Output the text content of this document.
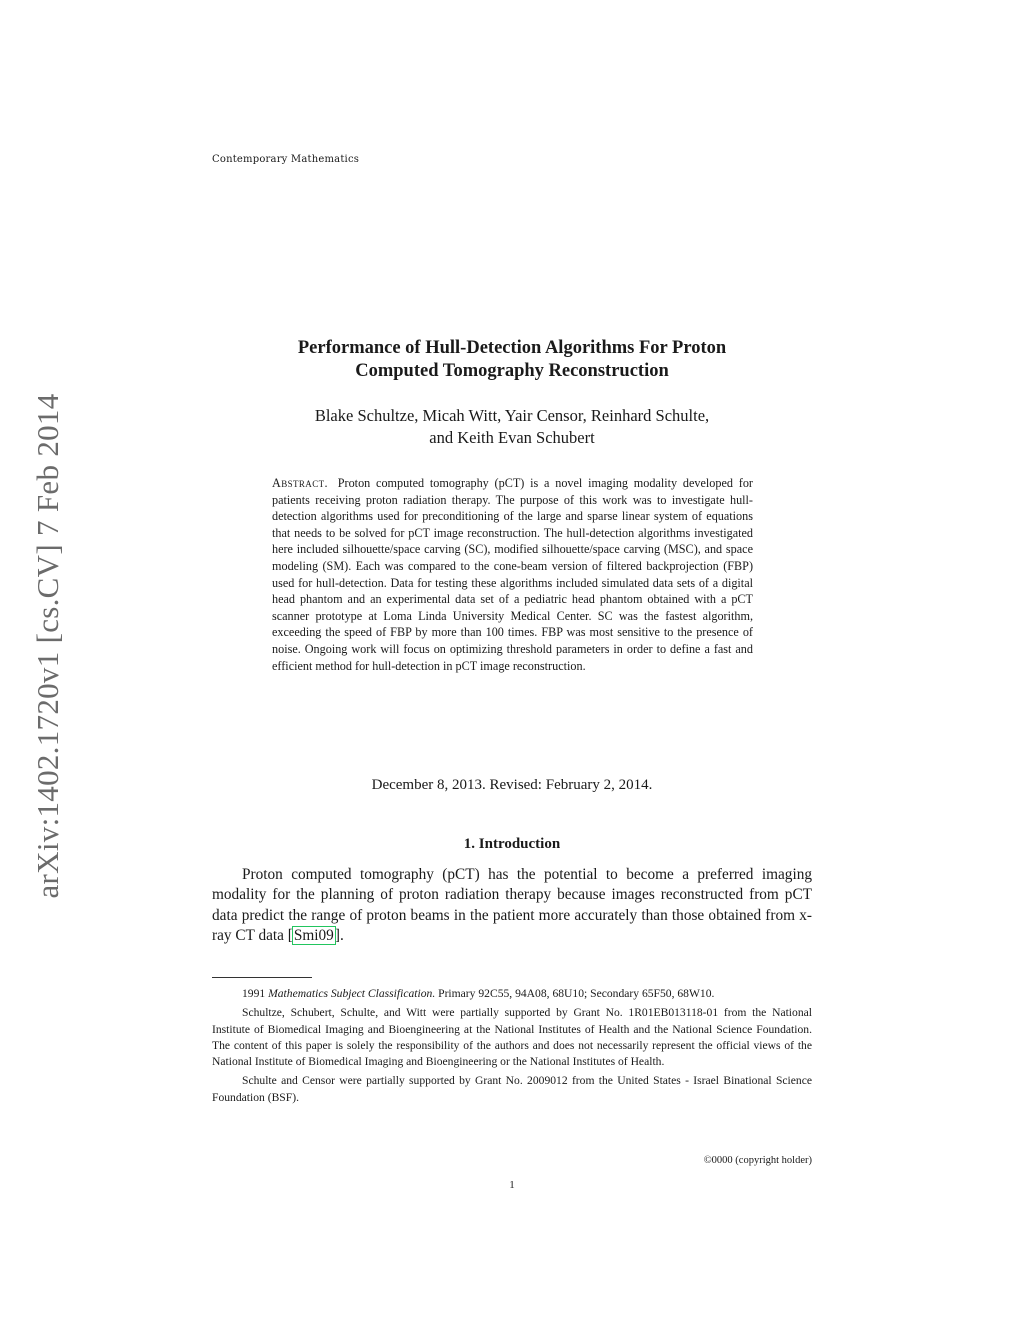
Contemporary Mathematics
arXiv:1402.1720v1 [cs.CV] 7 Feb 2014
Performance of Hull-Detection Algorithms For Proton
Computed Tomography Reconstruction
Blake Schultze, Micah Witt, Yair Censor, Reinhard Schulte,
and Keith Evan Schubert
Abstract. Proton computed tomography (pCT) is a novel imaging modality developed for patients receiving proton radiation therapy. The purpose of this work was to investigate hull-detection algorithms used for preconditioning of the large and sparse linear system of equations that needs to be solved for pCT image reconstruction. The hull-detection algorithms investigated here included silhouette/space carving (SC), modified silhouette/space carving (MSC), and space modeling (SM). Each was compared to the cone-beam version of filtered backprojection (FBP) used for hull-detection. Data for testing these algorithms included simulated data sets of a digital head phantom and an experimental data set of a pediatric head phantom obtained with a pCT scanner prototype at Loma Linda University Medical Center. SC was the fastest algorithm, exceeding the speed of FBP by more than 100 times. FBP was most sensitive to the presence of noise. Ongoing work will focus on optimizing threshold parameters in order to define a fast and efficient method for hull-detection in pCT image reconstruction.
December 8, 2013. Revised: February 2, 2014.
1. Introduction
Proton computed tomography (pCT) has the potential to become a preferred imaging modality for the planning of proton radiation therapy because images reconstructed from pCT data predict the range of proton beams in the patient more accurately than those obtained from x-ray CT data [Smi09].

1991 Mathematics Subject Classification. Primary 92C55, 94A08, 68U10; Secondary 65F50, 68W10.

Schultze, Schubert, Schulte, and Witt were partially supported by Grant No. 1R01EB013118-01 from the National Institute of Biomedical Imaging and Bioengineering at the National Institutes of Health and the National Science Foundation. The content of this paper is solely the responsibility of the authors and does not necessarily represent the official views of the National Institute of Biomedical Imaging and Bioengineering or the National Institutes of Health.

Schulte and Censor were partially supported by Grant No. 2009012 from the United States - Israel Binational Science Foundation (BSF).

©0000 (copyright holder)
1
